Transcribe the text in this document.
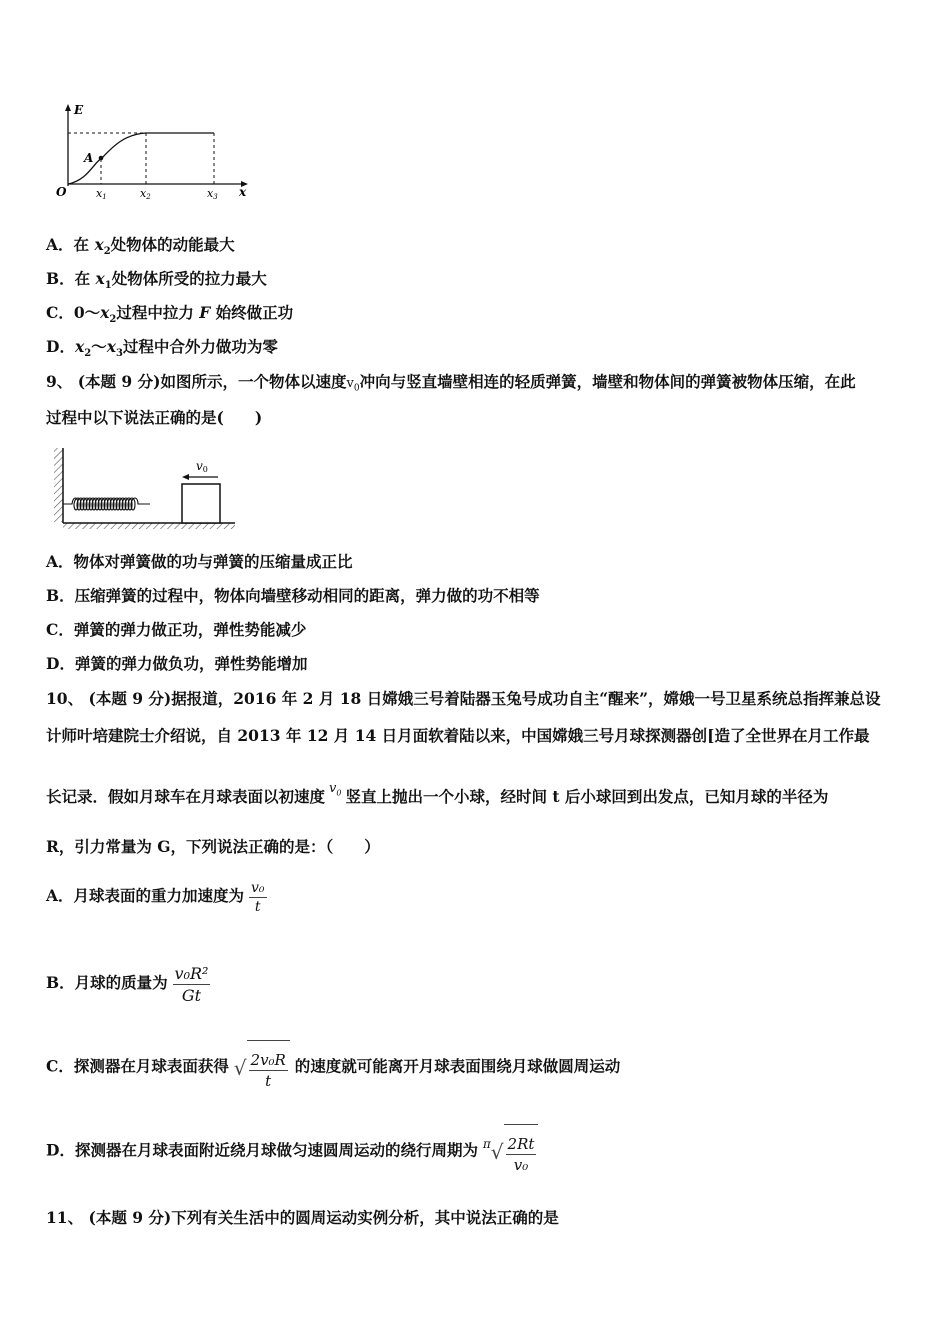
E
A
O	x1	x2	x3 x
A．在 $x_2$处物体的动能最大
B．在 $x_1$处物体所受的拉力最大
C．$0\sim x_2$过程中拉力 F 始终做正功
D．$x_2\sim x_3$过程中合外力做功为零
9、 (本题 9 分)如图所示，一个物体以速度$v_0$冲向与竖直墙壁相连的轻质弹簧，墙壁和物体间的弹簧被物体压缩，在此
过程中以下说法正确的是(　　)
v0
A．物体对弹簧做的功与弹簧的压缩量成正比
B．压缩弹簧的过程中，物体向墙壁移动相同的距离，弹力做的功不相等
C．弹簧的弹力做正功，弹性势能减少
D．弹簧的弹力做负功，弹性势能增加
10、 (本题 9 分)据报道，2016 年 2 月 18 日嫦娥三号着陆器玉兔号成功自主“醒来”，嫦娥一号卫星系统总指挥兼总设
计师叶培建院士介绍说，自 2013 年 12 月 14 日月面软着陆以来，中国嫦娥三号月球探测器创[造了全世界在月工作最
长记录．假如月球车在月球表面以初速度 $^{v_0}$ 竖直上抛出一个小球，经时间 t 后小球回到出发点，已知月球的半径为
R，引力常量为 G，下列说法正确的是：（　　）
A．月球表面的重力加速度为 $\frac{\text{v₀}}{t}$
B．月球的质量为 $\frac{\text{v₀R²}}{Gt}$
C．探测器在月球表面获得 √ $\frac{\text{2v₀R}}{t}$ 的速度就可能离开月球表面围绕月球做圆周运动
D．探测器在月球表面附近绕月球做匀速圆周运动的绕行周期为 π √ $\frac{2Rt}{\text{v₀}}$
11、 (本题 9 分)下列有关生活中的圆周运动实例分析，其中说法正确的是
